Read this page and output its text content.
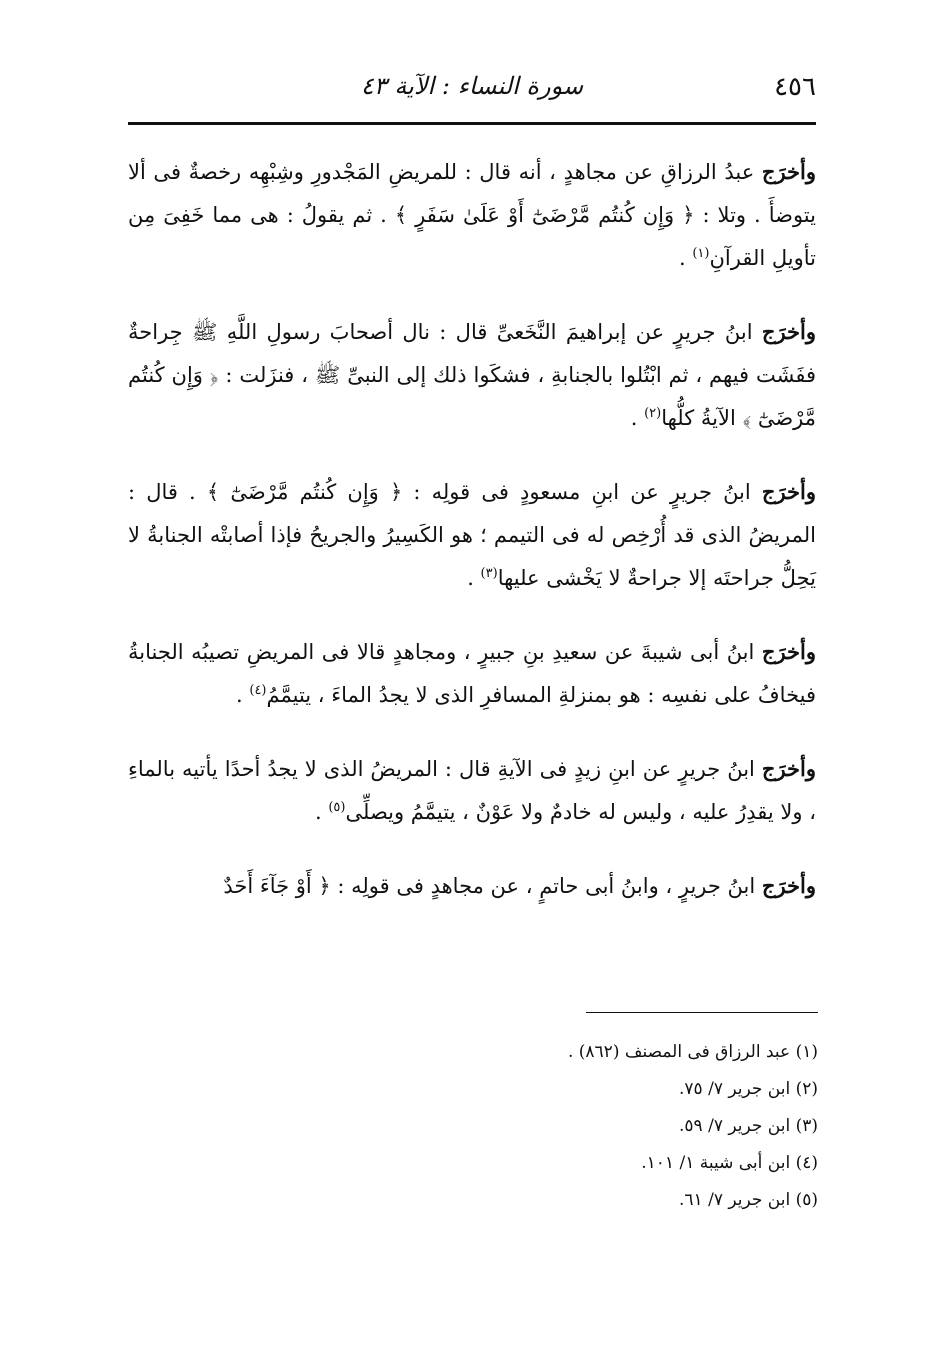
٤٥٦
سورة النساء : الآية ٤٣

وأخرَج عبدُ الرزاقِ عن مجاهدٍ ، أنه قال : للمريضِ المَجْدورِ وشِبْهِه رخصةٌ فى ألا يتوضأَ . وتلا : ﴿ وَإِن كُنتُم مَّرْضَىٰٓ أَوْ عَلَىٰ سَفَرٍ ﴾ . ثم يقولُ : هى مما خَفِىَ مِن تأويلِ القرآنِ$^{(١)}$ .

وأخرَج ابنُ جريرٍ عن إبراهيمَ النَّخَعىِّ قال : نال أصحابَ رسولِ اللَّهِ ﷺ جِراحةٌ ففَشَت فيهم ، ثم ابْتُلوا بالجنابةِ ، فشكَوا ذلك إلى النبىِّ ﷺ ، فنزَلت : ﴿ وَإِن كُنتُم مَّرْضَىٰٓ ﴾ الآيةُ كلُّها$^{(٢)}$ .

وأخرَج ابنُ جريرٍ عن ابنِ مسعودٍ فى قولِه : ﴿ وَإِن كُنتُم مَّرْضَىٰٓ ﴾ . قال : المريضُ الذى قد أُرْخِص له فى التيمم ؛ هو الكَسِيرُ والجريحُ فإذا أصابتْه الجنابةُ لا يَحِلُّ جراحتَه إلا جراحةٌ لا يَخْشى عليها$^{(٣)}$ .

وأخرَج ابنُ أبى شيبةَ عن سعيدِ بنِ جبيرٍ ، ومجاهدٍ قالا فى المريضِ تصيبُه الجنابةُ فيخافُ على نفسِه : هو بمنزلةِ المسافرِ الذى لا يجدُ الماءَ ، يتيمَّمُ$^{(٤)}$ .

وأخرَج ابنُ جريرٍ عن ابنِ زيدٍ فى الآيةِ قال : المريضُ الذى لا يجدُ أحدًا يأتيه بالماءِ ، ولا يقدِرُ عليه ، وليس له خادمٌ ولا عَوْنٌ ، يتيمَّمُ ويصلِّى$^{(٥)}$ .

وأخرَج ابنُ جريرٍ ، وابنُ أبى حاتمٍ ، عن مجاهدٍ فى قولِه : ﴿ أَوْ جَآءَ أَحَدٌ

(١) عبد الرزاق فى المصنف (٨٦٢) .

(٢) ابن جرير ٧/ ٧٥.

(٣) ابن جرير ٧/ ٥٩.

(٤) ابن أبى شيبة ١/ ١٠١.

(٥) ابن جرير ٧/ ٦١.
